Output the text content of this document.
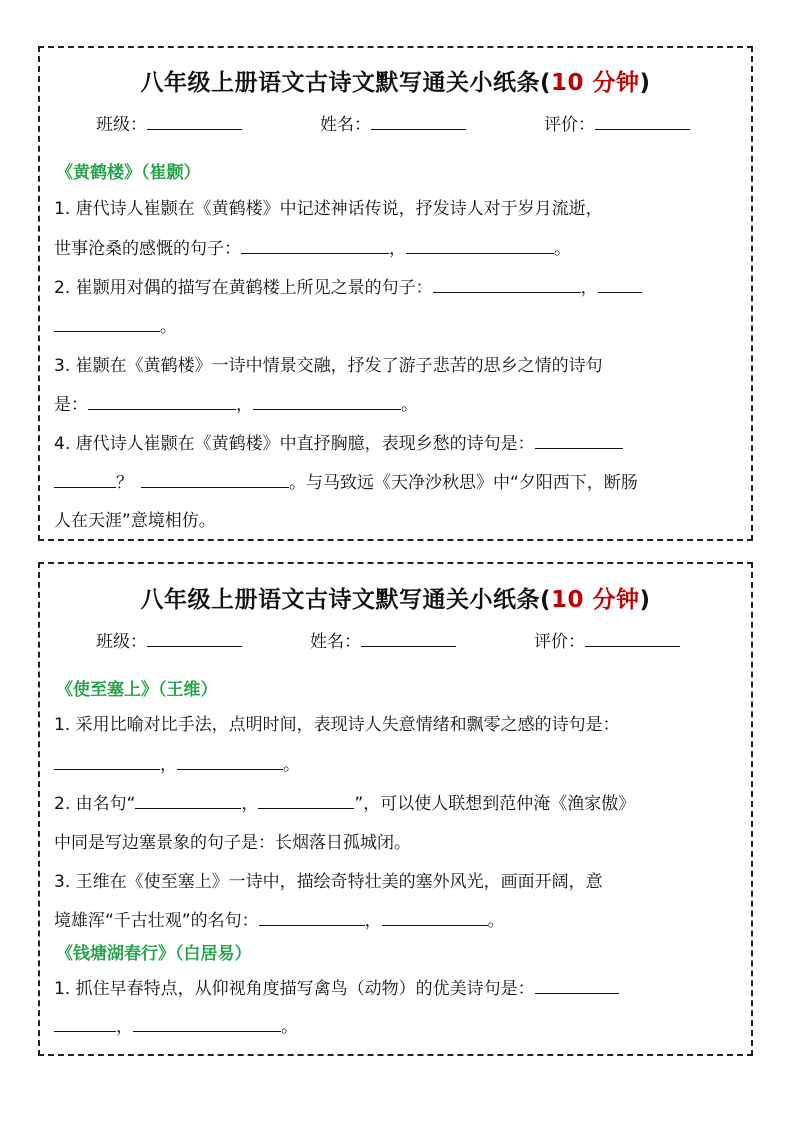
八年级上册语文古诗文默写通关小纸条(10 分钟)
班级：	姓名：	评价：
《黄鹤楼》（崔颢）
1. 唐代诗人崔颢在《黄鹤楼》中记述神话传说，抒发诗人对于岁月流逝，
世事沧桑的感慨的句子：	，	。
2. 崔颢用对偶的描写在黄鹤楼上所见之景的句子：	，
。
3. 崔颢在《黄鹤楼》一诗中情景交融，抒发了游子悲苦的思乡之情的诗句
是：	，	。
4. 唐代诗人崔颢在《黄鹤楼》中直抒胸臆，表现乡愁的诗句是：
？	。与马致远《天净沙秋思》中“夕阳西下，断肠
人在天涯”意境相仿。
八年级上册语文古诗文默写通关小纸条(10 分钟)
班级：	姓名：	评价：
《使至塞上》（王维）
1. 采用比喻对比手法，点明时间，表现诗人失意情绪和飘零之感的诗句是：
，	。
2. 由名句“	，	”，可以使人联想到范仲淹《渔家傲》
中同是写边塞景象的句子是：长烟落日孤城闭。
3. 王维在《使至塞上》一诗中，描绘奇特壮美的塞外风光，画面开阔，意
境雄浑“千古壮观”的名句：	，	。
《钱塘湖春行》（白居易）
1. 抓住早春特点，从仰视角度描写禽鸟（动物）的优美诗句是：
，	。
